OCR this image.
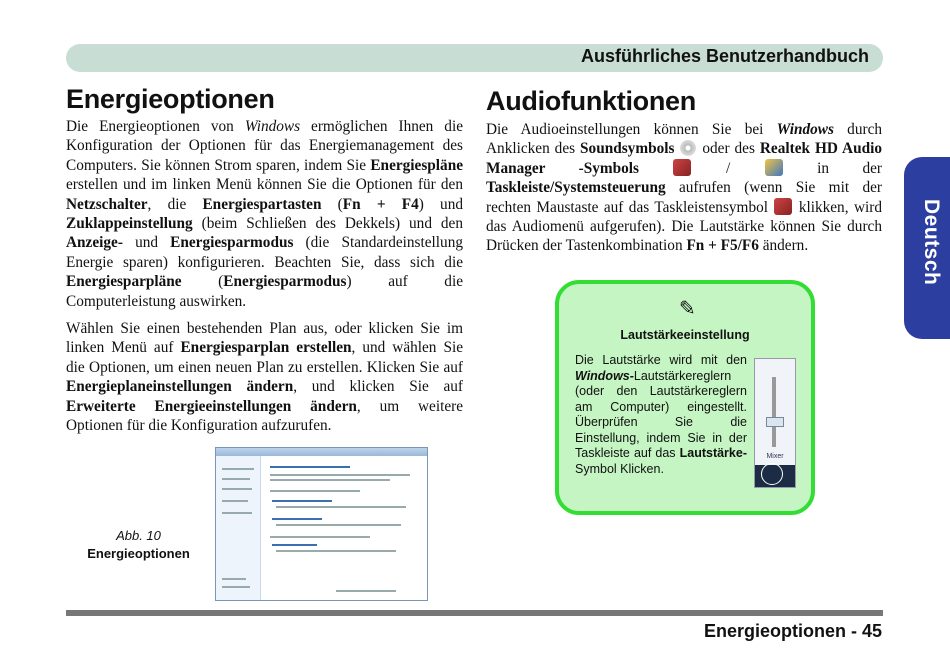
Ausführliches Benutzerhandbuch
Deutsch
Energieoptionen

Die Energieoptionen von Windows ermöglichen Ihnen die Konfiguration der Optionen für das Energiemanagement des Computers. Sie können Strom sparen, indem Sie Energiespläne erstellen und im linken Menü können Sie die Optionen für den Netzschalter, die Energiespartasten (Fn + F4) und Zuklappeinstellung (beim Schließen des Dekkels) und den Anzeige- und Energiesparmodus (die Standardeinstellung Energie sparen) konfigurieren. Beachten Sie, dass sich die Energiesparpläne (Energiesparmodus) auf die Computerleistung auswirken.

Wählen Sie einen bestehenden Plan aus, oder klicken Sie im linken Menü auf Energiesparplan erstellen, und wählen Sie die Optionen, um einen neuen Plan zu erstellen. Klicken Sie auf Energieplaneinstellungen ändern, und klicken Sie auf Erweiterte Energieeinstellungen ändern, um weitere Optionen für die Konfiguration aufzurufen.

Abb. 10
Energieoptionen
Audiofunktionen

Die Audioeinstellungen können Sie bei Windows durch Anklicken des Soundsymbols  oder des Realtek HD Audio Manager -Symbols	/  in der Taskleiste/Systemsteuerung aufrufen (wenn Sie mit der rechten Maustaste auf das Taskleistensymbol  klikken, wird das Audiomenü aufgerufen). Die Lautstärke können Sie durch Drücken der Tastenkombination Fn + F5/F6 ändern.

✎
Lautstärkeeinstellung

Die Lautstärke wird mit den Windows-Lautstärkereglern (oder den Lautstärkereglern am Computer) eingestellt. Überprüfen Sie die Einstellung, indem Sie in der Taskleiste auf das Lautstärke-Symbol Klicken.

Mixer
Energieoptionen - 45
